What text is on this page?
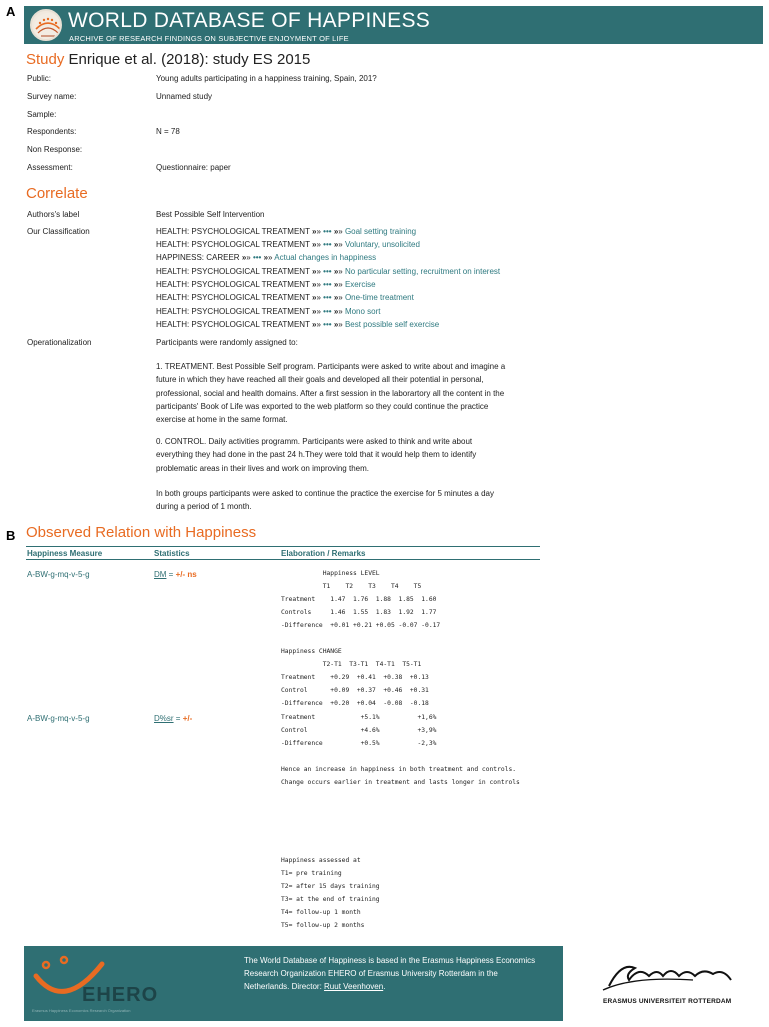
A	WORLD DATABASE OF HAPPINESS
ARCHIVE OF RESEARCH FINDINGS ON SUBJECTIVE ENJOYMENT OF LIFE
Study Enrique et al. (2018): study ES 2015
Public:	Young adults participating in a happiness training, Spain, 201?
Survey name:	Unnamed study
Sample:
Respondents:	N = 78
Non Response:
Assessment:	Questionnaire: paper
Correlate
Authors's label	Best Possible Self Intervention
Our Classification	HEALTH: PSYCHOLOGICAL TREATMENT »» ••• »» Goal setting training
HEALTH: PSYCHOLOGICAL TREATMENT »» ••• »» Voluntary, unsolicited
HAPPINESS: CAREER »» ••• »» Actual changes in happiness
HEALTH: PSYCHOLOGICAL TREATMENT »» ••• »» No particular setting, recruitment on interest
HEALTH: PSYCHOLOGICAL TREATMENT »» ••• »» Exercise
HEALTH: PSYCHOLOGICAL TREATMENT »» ••• »» One-time treatment
HEALTH: PSYCHOLOGICAL TREATMENT »» ••• »» Mono sort
HEALTH: PSYCHOLOGICAL TREATMENT »» ••• »» Best possible self exercise
Operationalization	Participants were randomly assigned to:
1. TREATMENT. Best Possible Self program. Participants were asked to write about and imagine a future in which they have reached all their goals and developed all their potential in personal, professional, social and health domains. After a first session in the laborartory all the content in the participants' Book of Life was exported to the web platform so they could continue the practice exercise at home in the same format.
0. CONTROL. Daily activities programm. Participants were asked to think and write about everything they had done in the past 24 h.They were told that it would help them to identify problematic areas in their lives and work on improving them.
In both groups participants were asked to continue the practice the exercise for 5 minutes a day during a period of 1 month.
B Observed Relation with Happiness
Happiness Measure	Statistics	Elaboration / Remarks
A-BW-g-mq-v-5-g	DM = +/- ns	Happiness LEVEL
T1    T2    T3    T4    T5
Treatment    1.47  1.76  1.88  1.85  1.60
Controls     1.46  1.55  1.83  1.92  1.77
-Difference  +0.01 +0.21 +0.05 -0.07 -0.17

Happiness CHANGE
T2-T1  T3-T1  T4-T1  T5-T1
Treatment    +0.29  +0.41  +0.38  +0.13
Control      +0.09  +0.37  +0.46  +0.31
-Difference  +0.20  +0.04  -0.08  -0.18
A-BW-g-mq-v-5-g	D%sr = +/-	Treatment            +5.1%          +1,6%
Control              +4.6%          +3,9%
-Difference          +0.5%          -2,3%

Hence an increase in happiness in both treatment and controls.
Change occurs earlier in treatment and lasts longer in controls

Happiness assessed at
T1= pre training
T2= after 15 days training
T3= at the end of training
T4= follow-up 1 month
T5= follow-up 2 months
EHERO
Erasmus Happiness Economics Research Organization
The World Database of Happiness is based in the Erasmus Happiness Economics Research Organization EHERO of Erasmus University Rotterdam in the Netherlands. Director: Ruut Veenhoven.
ERASMUS UNIVERSITEIT ROTTERDAM
